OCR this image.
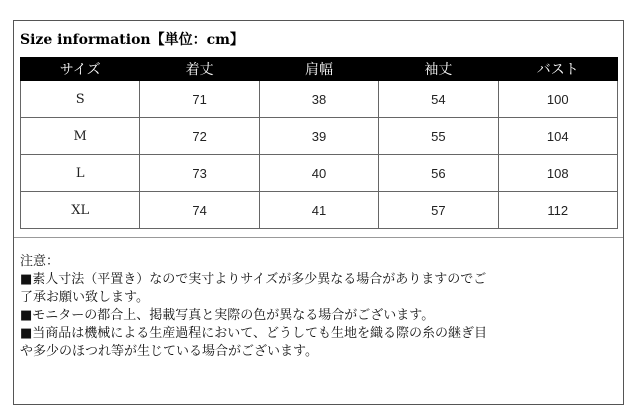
Size information【単位：cm】
サイズ	着丈	肩幅	袖丈	バスト
S	71	38	54	100
M	72	39	55	104
L	73	40	56	108
XL	74	41	57	112

注意：

■素人寸法（平置き）なので実寸よりサイズが多少異なる場合がありますのでご

了承お願い致します。

■モニターの都合上、掲載写真と実際の色が異なる場合がございます。

■当商品は機械による生産過程において、どうしても生地を織る際の糸の継ぎ目

や多少のほつれ等が生じている場合がございます。
